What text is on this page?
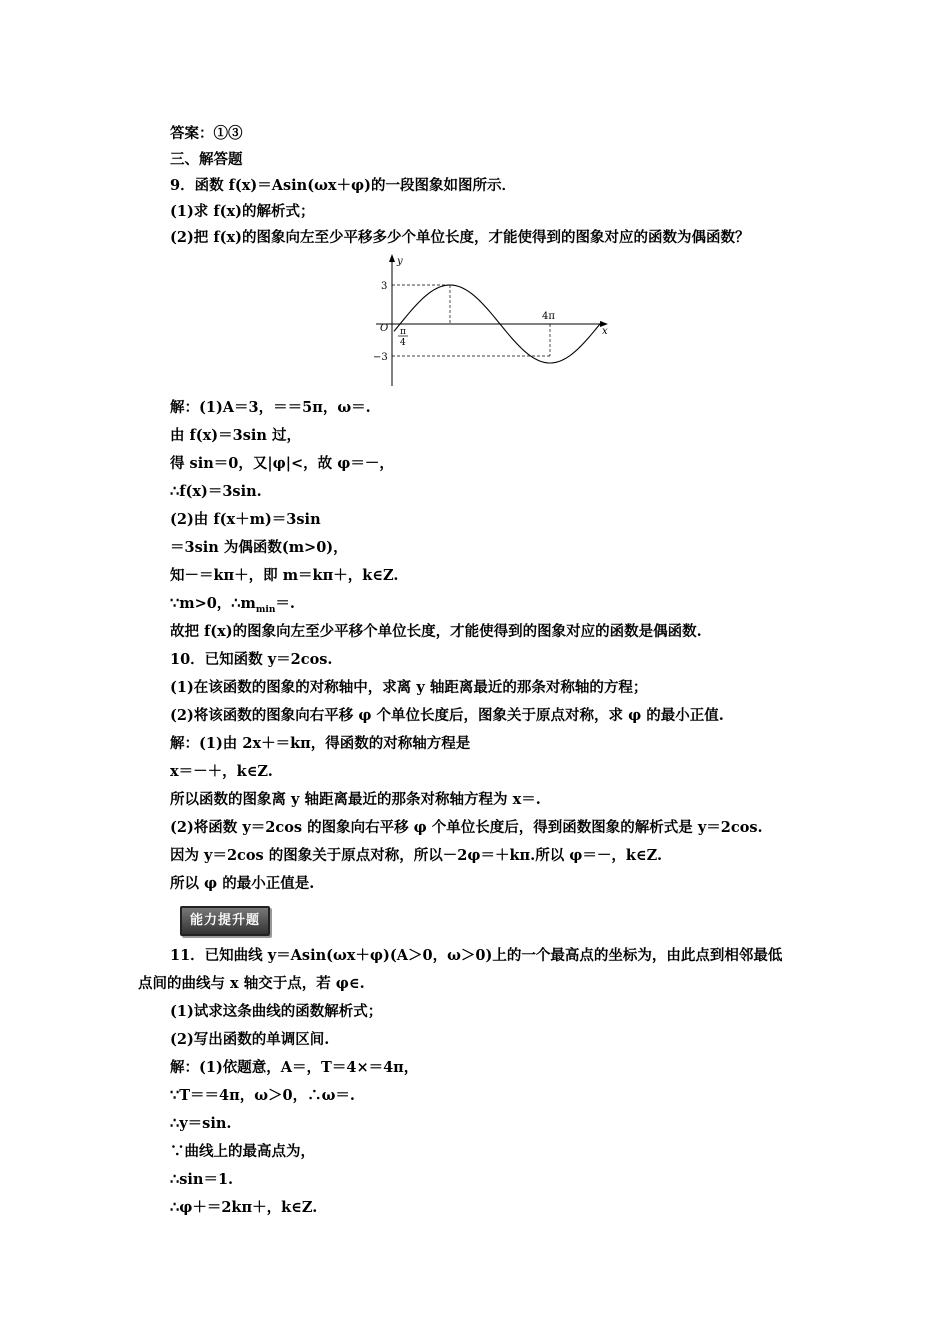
答案：①③
三、解答题
9．函数 f(x)＝Asin(ωx＋φ)的一段图象如图所示．
(1)求 f(x)的解析式；
(2)把 f(x)的图象向左至少平移多少个单位长度，才能使得到的图象对应的函数为偶函数？
y
x
O
3
−3
π
4
4π
解：(1)A＝3，＝＝5π，ω＝.
由 f(x)＝3sin 过，
得 sin＝0，又|φ|<，故 φ＝－，
∴f(x)＝3sin.
(2)由 f(x＋m)＝3sin
＝3sin 为偶函数(m>0)，
知－＝kπ＋，即 m＝kπ＋，k∈Z.
∵m>0，$\therefore m_{min}=$.
故把 f(x)的图象向左至少平移个单位长度，才能使得到的图象对应的函数是偶函数.
10．已知函数 y＝2cos.
(1)在该函数的图象的对称轴中，求离 y 轴距离最近的那条对称轴的方程；
(2)将该函数的图象向右平移 φ 个单位长度后，图象关于原点对称，求 φ 的最小正值.
解：(1)由 2x＋＝kπ，得函数的对称轴方程是
x＝－＋，k∈Z.
所以函数的图象离 y 轴距离最近的那条对称轴方程为 x＝.
(2)将函数 y＝2cos 的图象向右平移 φ 个单位长度后，得到函数图象的解析式是 y＝2cos.
因为 y＝2cos 的图象关于原点对称，所以－2φ＝＋kπ.所以 φ＝－，k∈Z.
所以 φ 的最小正值是.
能力提升题
11．已知曲线 y＝Asin(ωx＋φ)(A＞0，ω＞0)上的一个最高点的坐标为，由此点到相邻最低
点间的曲线与 x 轴交于点，若 φ∈.
(1)试求这条曲线的函数解析式；
(2)写出函数的单调区间.
解：(1)依题意，A＝，T＝4×＝4π，
∵T＝＝4π，ω＞0，∴ω＝.
∴y＝sin.
∵曲线上的最高点为，
∴sin＝1.
∴φ＋＝2kπ＋，k∈Z.
